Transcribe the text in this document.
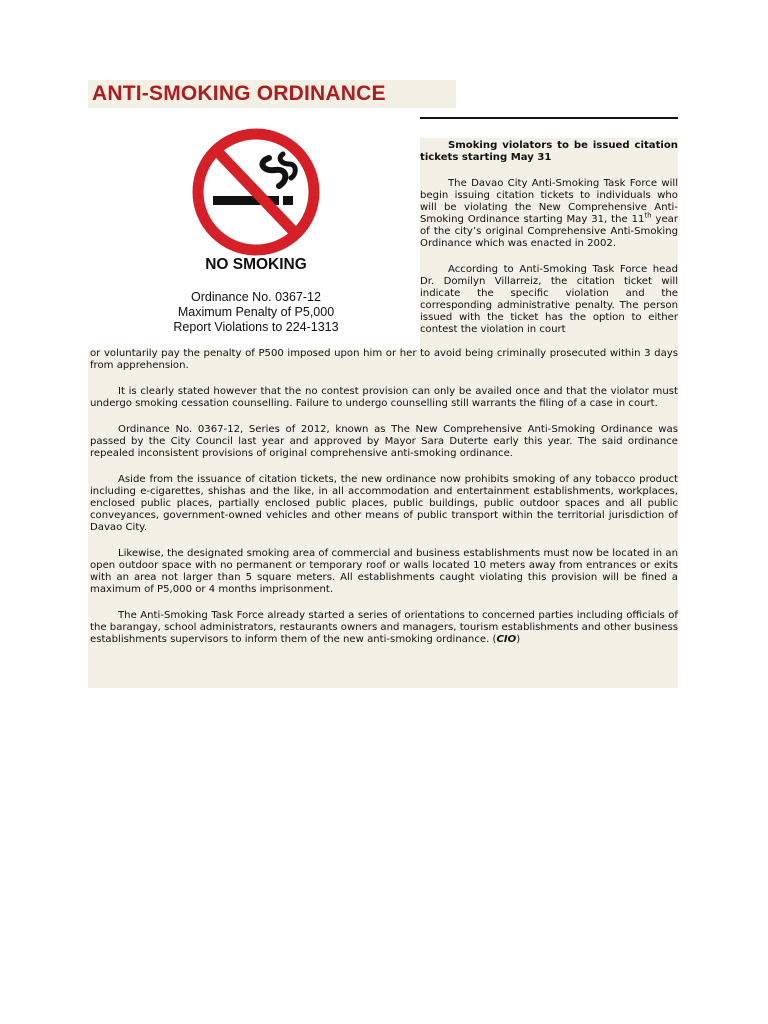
ANTI-SMOKING ORDINANCE
NO SMOKING
Ordinance No. 0367-12
Maximum Penalty of P5,000
Report Violations to 224-1313

Smoking violators to be issued citation tickets starting May 31

The Davao City Anti-Smoking Task Force will begin issuing citation tickets to individuals who will be violating the New Comprehensive Anti-Smoking Ordinance starting May 31, the 11th year of the city’s original Comprehensive Anti-Smoking Ordinance which was enacted in 2002.

According to Anti-Smoking Task Force head Dr. Domilyn Villarreiz, the citation ticket will indicate the specific violation and the corresponding administrative penalty. The person issued with the ticket has the option to either contest the violation in court

or voluntarily pay the penalty of P500 imposed upon him or her to avoid being criminally prosecuted within 3 days from apprehension.

It is clearly stated however that the no contest provision can only be availed once and that the violator must undergo smoking cessation counselling. Failure to undergo counselling still warrants the filing of a case in court.

Ordinance No. 0367-12, Series of 2012, known as The New Comprehensive Anti-Smoking Ordinance was passed by the City Council last year and approved by Mayor Sara Duterte early this year. The said ordinance repealed inconsistent provisions of original comprehensive anti-smoking ordinance.

Aside from the issuance of citation tickets, the new ordinance now prohibits smoking of any tobacco product including e-cigarettes, shishas and the like, in all accommodation and entertainment establishments, workplaces, enclosed public places, partially enclosed public places, public buildings, public outdoor spaces and all public conveyances, government-owned vehicles and other means of public transport within the territorial jurisdiction of Davao City.

Likewise, the designated smoking area of commercial and business establishments must now be located in an open outdoor space with no permanent or temporary roof or walls located 10 meters away from entrances or exits with an area not larger than 5 square meters. All establishments caught violating this provision will be fined a maximum of P5,000 or 4 months imprisonment.

The Anti-Smoking Task Force already started a series of orientations to concerned parties including officials of the barangay, school administrators, restaurants owners and managers, tourism establishments and other business establishments supervisors to inform them of the new anti-smoking ordinance. (CIO)
